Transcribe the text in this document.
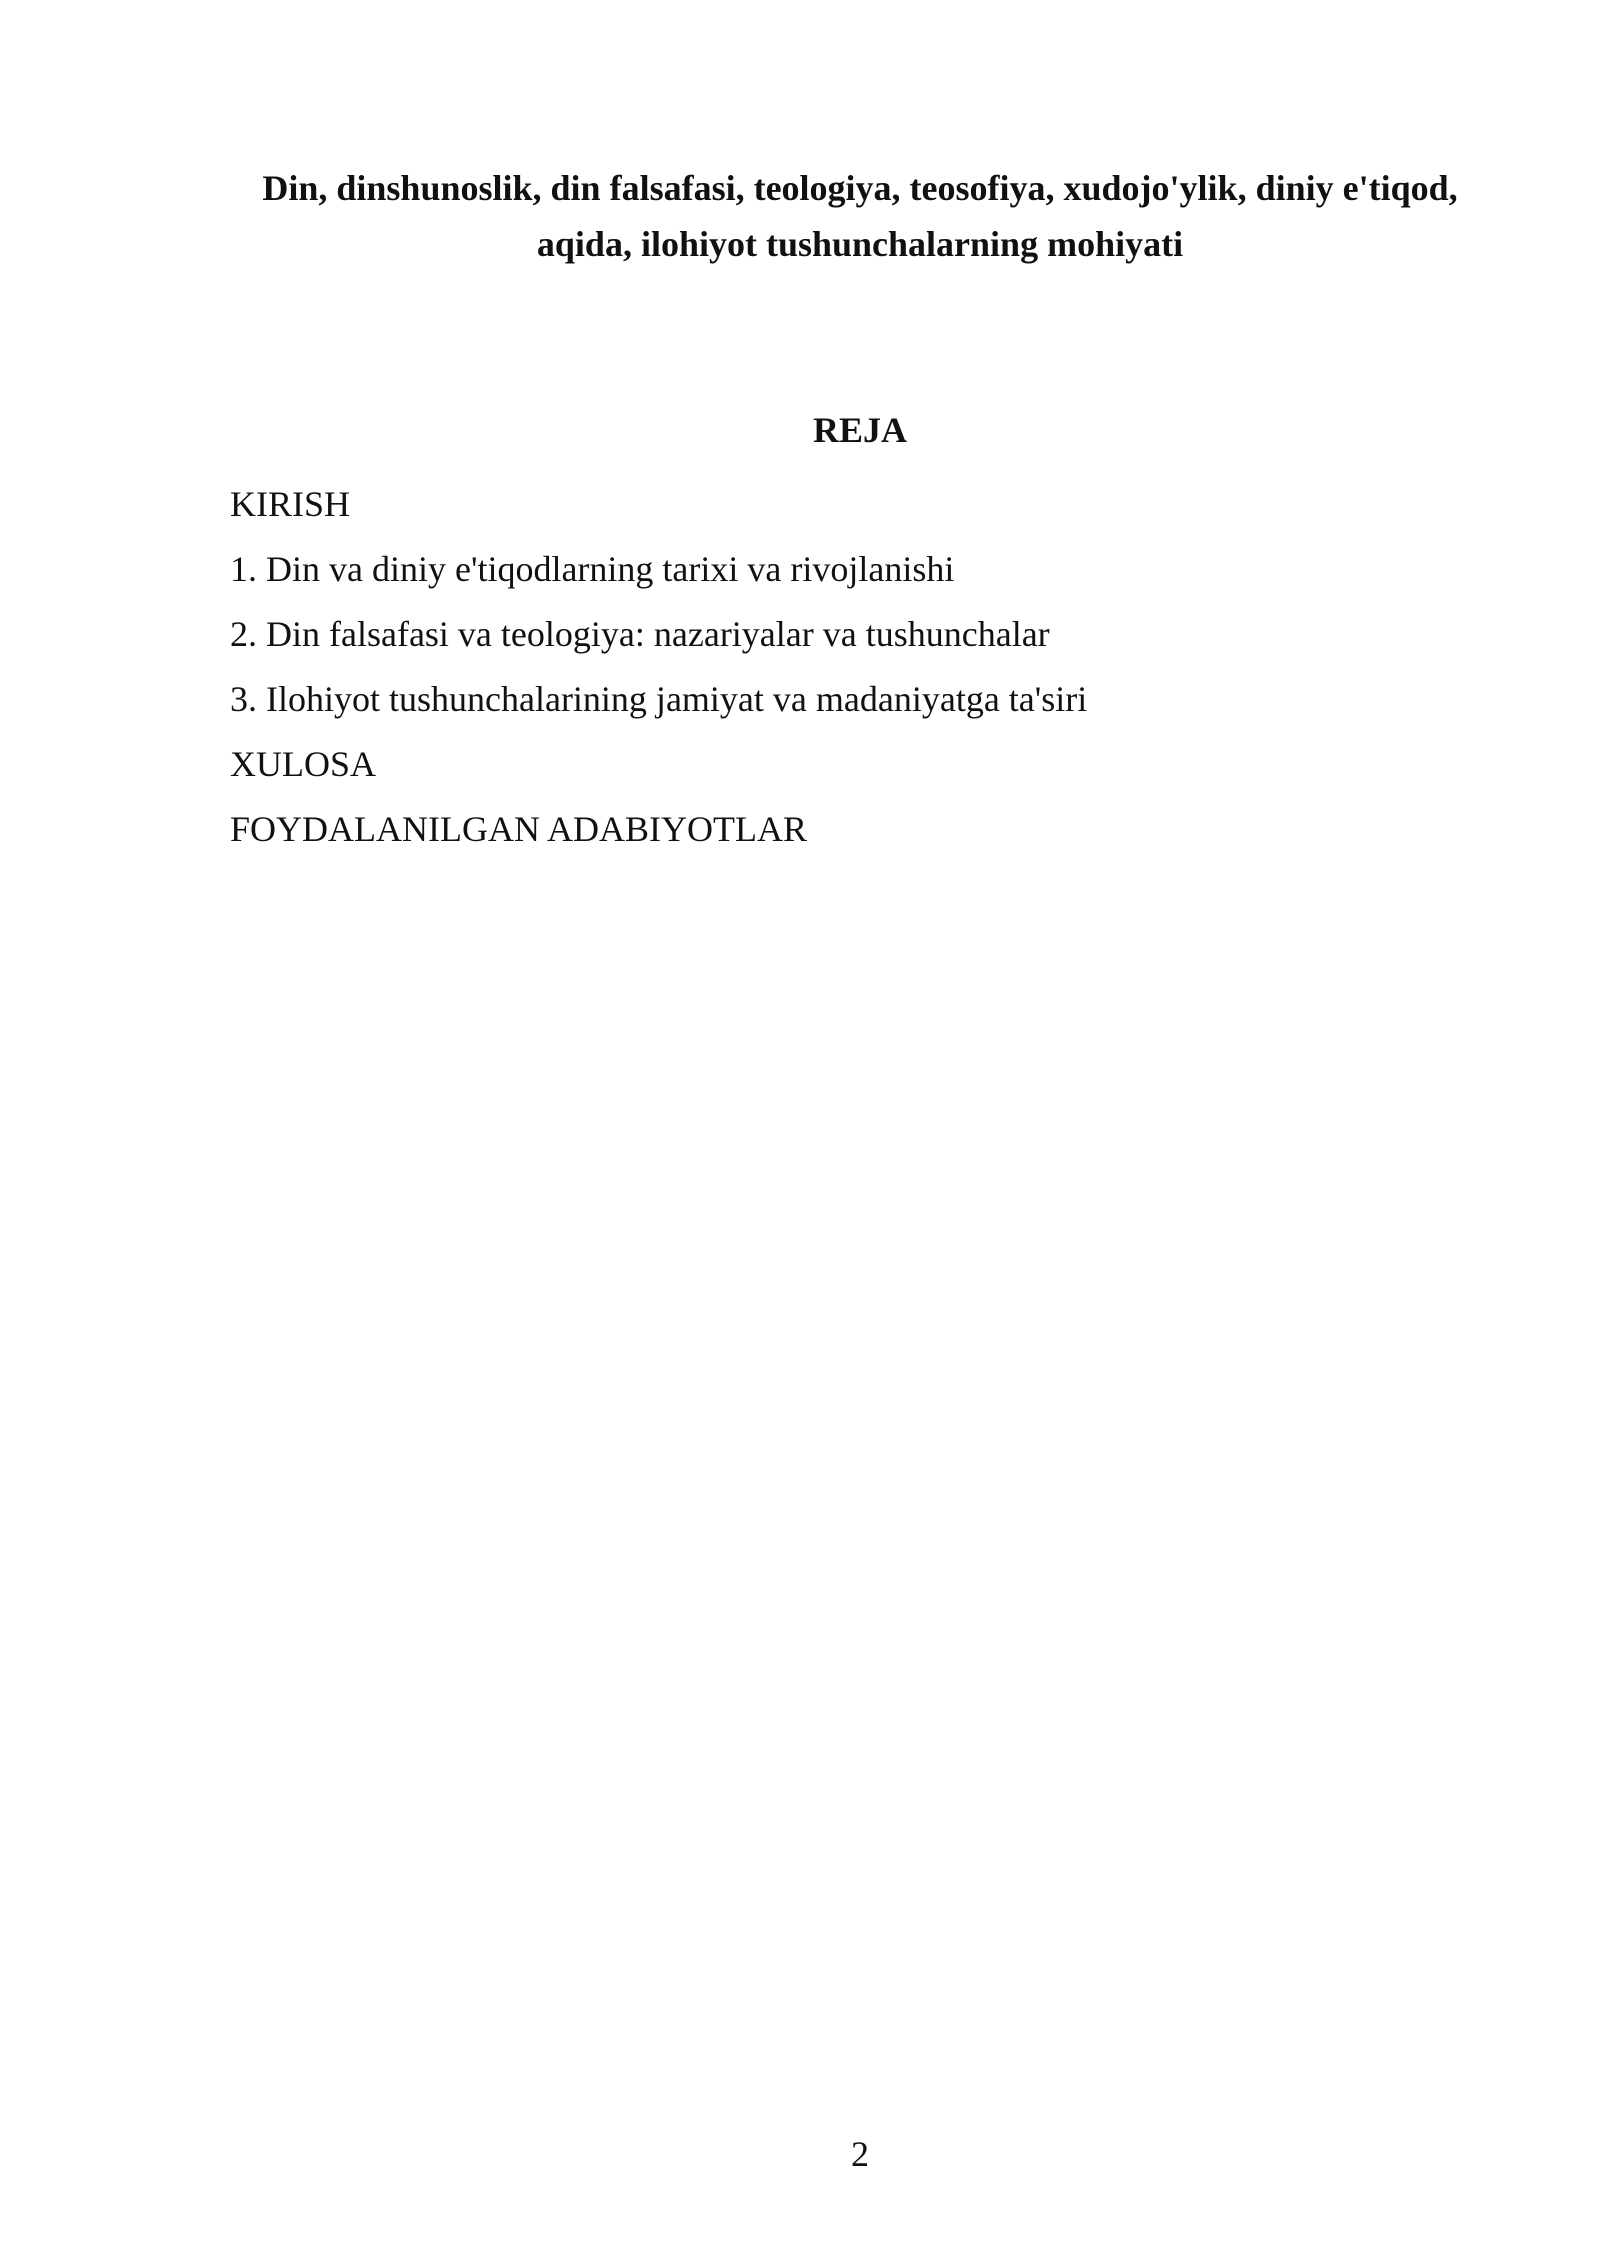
Din, dinshunoslik, din falsafasi, teologiya, teosofiya, xudojo'ylik, diniy e'tiqod,
aqida, ilohiyot tushunchalarning mohiyati
REJA
KIRISH
1. Din va diniy e'tiqodlarning tarixi va rivojlanishi
2. Din falsafasi va teologiya: nazariyalar va tushunchalar
3. Ilohiyot tushunchalarining jamiyat va madaniyatga ta'siri
XULOSA
FOYDALANILGAN ADABIYOTLAR
2
